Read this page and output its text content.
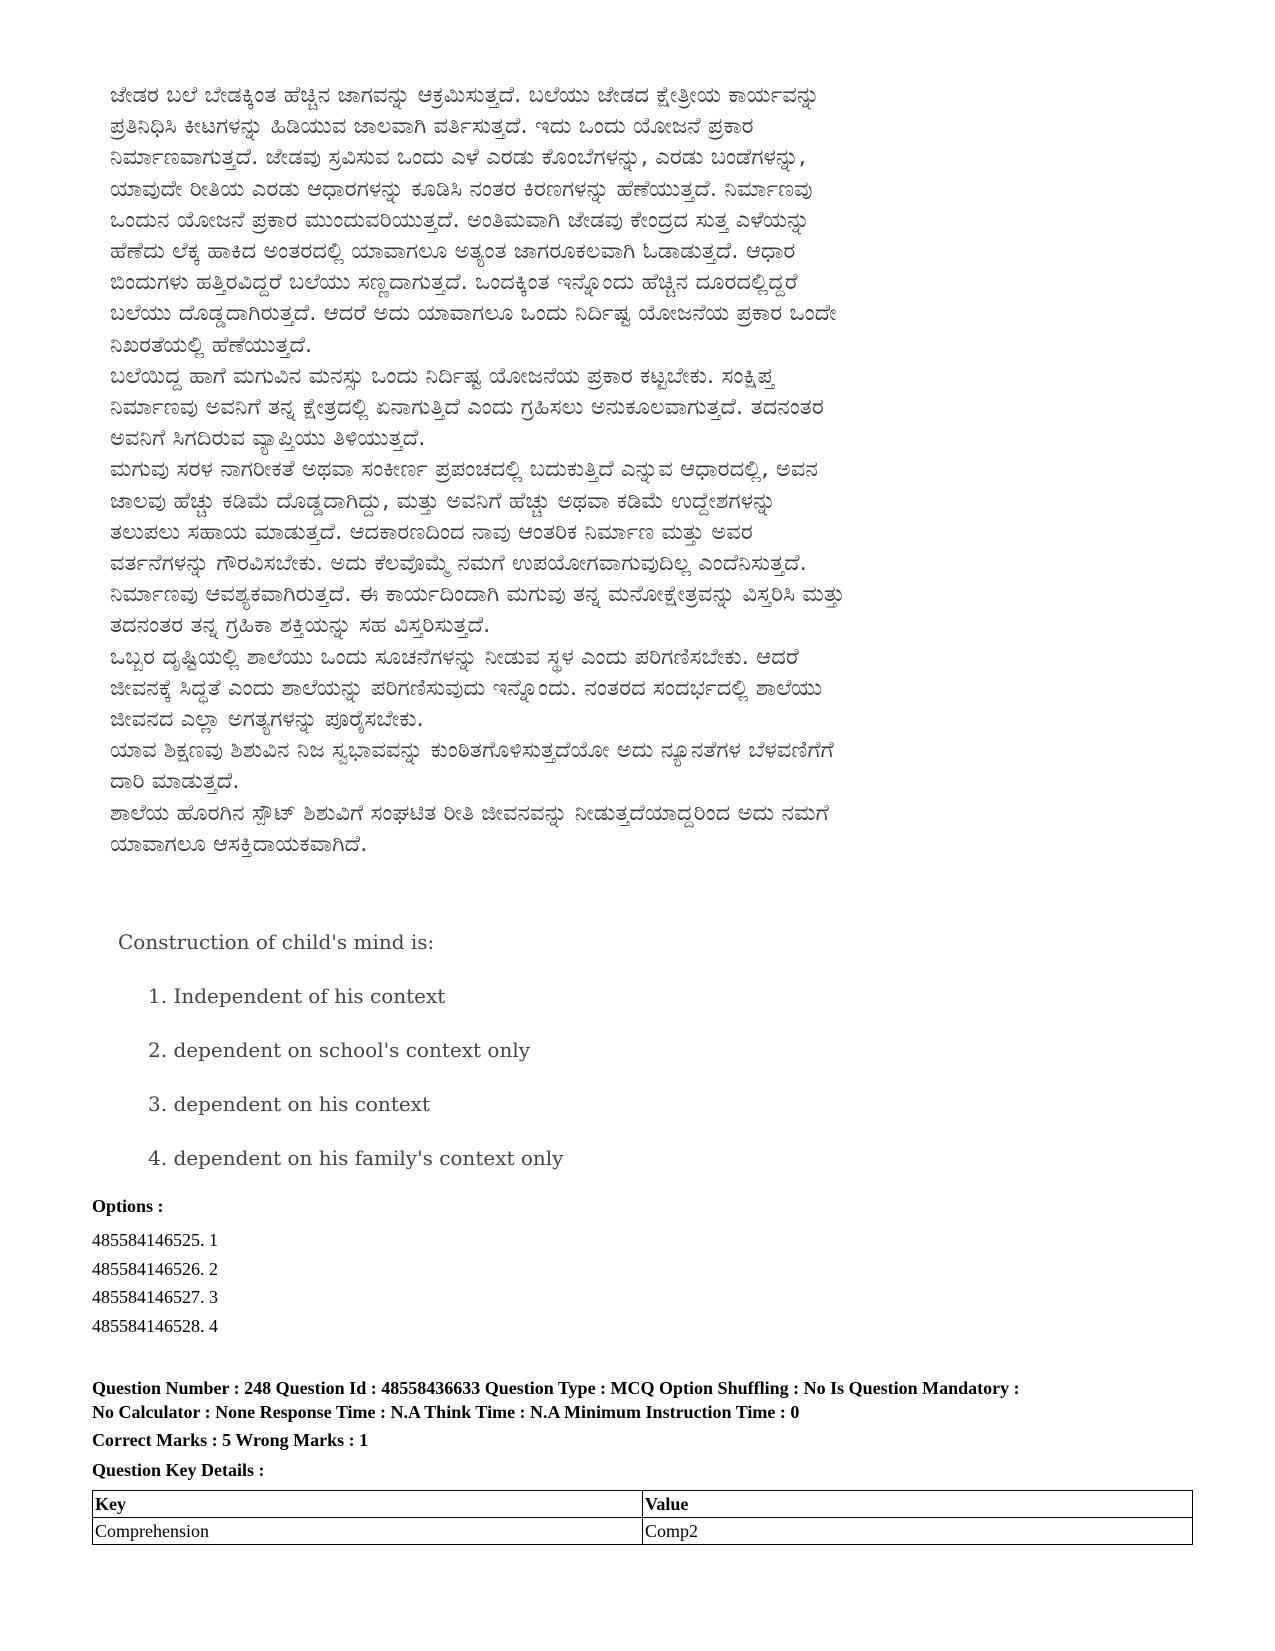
ಜೇಡರ ಬಲೆ ಬೇಡಕ್ಕಿಂತ ಹೆಚ್ಚಿನ ಜಾಗವನ್ನು ಆಕ್ರಮಿಸುತ್ತದೆ. ಬಲೆಯು ಜೇಡದ ಕ್ಷೇತ್ರೀಯ ಕಾರ್ಯವನ್ನು

ಪ್ರತಿನಿಧಿಸಿ ಕೀಟಗಳನ್ನು ಹಿಡಿಯುವ ಜಾಲವಾಗಿ ವರ್ತಿಸುತ್ತದೆ. ಇದು ಒಂದು ಯೋಜನೆ ಪ್ರಕಾರ

ನಿರ್ಮಾಣವಾಗುತ್ತದೆ. ಜೇಡವು ಸ್ರವಿಸುವ ಒಂದು ಎಳೆ ಎರಡು ಕೊಂಬೆಗಳನ್ನು, ಎರಡು ಬಂಡೆಗಳನ್ನು,

ಯಾವುದೇ ರೀತಿಯ ಎರಡು ಆಧಾರಗಳನ್ನು ಕೂಡಿಸಿ ನಂತರ ಕಿರಣಗಳನ್ನು ಹೆಣೆಯುತ್ತದೆ. ನಿರ್ಮಾಣವು

ಒಂದುನ ಯೋಜನೆ ಪ್ರಕಾರ ಮುಂದುವರಿಯುತ್ತದೆ. ಅಂತಿಮವಾಗಿ ಜೇಡವು ಕೇಂದ್ರದ ಸುತ್ತ ಎಳೆಯನ್ನು

ಹೆಣೆದು ಲೆಕ್ಕ ಹಾಕಿದ ಅಂತರದಲ್ಲಿ ಯಾವಾಗಲೂ ಅತ್ಯಂತ ಜಾಗರೂಕಲವಾಗಿ ಓಡಾಡುತ್ತದೆ. ಆಧಾರ

ಬಿಂದುಗಳು ಹತ್ತಿರವಿದ್ದರೆ ಬಲೆಯು ಸಣ್ಣದಾಗುತ್ತದೆ. ಒಂದಕ್ಕಿಂತ ಇನ್ನೊಂದು ಹೆಚ್ಚಿನ ದೂರದಲ್ಲಿದ್ದರೆ

ಬಲೆಯು ದೊಡ್ಡದಾಗಿರುತ್ತದೆ. ಆದರೆ ಅದು ಯಾವಾಗಲೂ ಒಂದು ನಿರ್ದಿಷ್ಟ ಯೋಜನೆಯ ಪ್ರಕಾರ ಒಂದೇ

ನಿಖರತೆಯಲ್ಲಿ ಹೆಣೆಯುತ್ತದೆ.

ಬಲೆಯಿದ್ದ ಹಾಗೆ ಮಗುವಿನ ಮನಸ್ಸು ಒಂದು ನಿರ್ದಿಷ್ಟ ಯೋಜನೆಯ ಪ್ರಕಾರ ಕಟ್ಟಬೇಕು. ಸಂಕ್ಷಿಪ್ತ

ನಿರ್ಮಾಣವು ಅವನಿಗೆ ತನ್ನ ಕ್ಷೇತ್ರದಲ್ಲಿ ಏನಾಗುತ್ತಿದೆ ಎಂದು ಗ್ರಹಿಸಲು ಅನುಕೂಲವಾಗುತ್ತದೆ. ತದನಂತರ

ಅವನಿಗೆ ಸಿಗದಿರುವ ವ್ಯಾಪ್ತಿಯು ತಿಳಿಯುತ್ತದೆ.

ಮಗುವು ಸರಳ ನಾಗರೀಕತೆ ಅಥವಾ ಸಂಕೀರ್ಣ ಪ್ರಪಂಚದಲ್ಲಿ ಬದುಕುತ್ತಿದೆ ಎನ್ನುವ ಆಧಾರದಲ್ಲಿ, ಅವನ

ಜಾಲವು ಹೆಚ್ಚು ಕಡಿಮೆ ದೊಡ್ಡದಾಗಿದ್ದು, ಮತ್ತು ಅವನಿಗೆ ಹೆಚ್ಚು ಅಥವಾ ಕಡಿಮೆ ಉದ್ದೇಶಗಳನ್ನು

ತಲುಪಲು ಸಹಾಯ ಮಾಡುತ್ತದೆ. ಆದಕಾರಣದಿಂದ ನಾವು ಆಂತರಿಕ ನಿರ್ಮಾಣ ಮತ್ತು ಅವರ

ವರ್ತನೆಗಳನ್ನು ಗೌರವಿಸಬೇಕು. ಅದು ಕೆಲವೊಮ್ಮೆ ನಮಗೆ ಉಪಯೋಗವಾಗುವುದಿಲ್ಲ ಎಂದೆನಿಸುತ್ತದೆ.

ನಿರ್ಮಾಣವು ಆವಶ್ಯಕವಾಗಿರುತ್ತದೆ. ಈ ಕಾರ್ಯದಿಂದಾಗಿ ಮಗುವು ತನ್ನ ಮನೋಕ್ಷೇತ್ರವನ್ನು ವಿಸ್ತರಿಸಿ ಮತ್ತು

ತದನಂತರ ತನ್ನ ಗ್ರಹಿಕಾ ಶಕ್ತಿಯನ್ನು ಸಹ ವಿಸ್ತರಿಸುತ್ತದೆ.

ಒಬ್ಬರ ದೃಷ್ಟಿಯಲ್ಲಿ ಶಾಲೆಯು ಒಂದು ಸೂಚನೆಗಳನ್ನು ನೀಡುವ ಸ್ಥಳ ಎಂದು ಪರಿಗಣಿಸಬೇಕು. ಆದರೆ

ಜೀವನಕ್ಕೆ ಸಿದ್ಧತೆ ಎಂದು ಶಾಲೆಯನ್ನು ಪರಿಗಣಿಸುವುದು ಇನ್ನೊಂದು. ನಂತರದ ಸಂದರ್ಭದಲ್ಲಿ ಶಾಲೆಯು

ಜೀವನದ ಎಲ್ಲಾ ಅಗತ್ಯಗಳನ್ನು ಪೂರೈಸಬೇಕು.

ಯಾವ ಶಿಕ್ಷಣವು ಶಿಶುವಿನ ನಿಜ ಸ್ವಭಾವವನ್ನು ಕುಂಠಿತಗೊಳಿಸುತ್ತದೆಯೋ ಅದು ನ್ಯೂನತೆಗಳ ಬೆಳವಣಿಗೆಗೆ

ದಾರಿ ಮಾಡುತ್ತದೆ.

ಶಾಲೆಯ ಹೊರಗಿನ ಸ್ಪೌಟ್ ಶಿಶುವಿಗೆ ಸಂಘಟಿತ ರೀತಿ ಜೀವನವನ್ನು ನೀಡುತ್ತದೆಯಾದ್ದರಿಂದ ಅದು ನಮಗೆ

ಯಾವಾಗಲೂ ಆಸಕ್ತಿದಾಯಕವಾಗಿದೆ.

Construction of child's mind is:

1. Independent of his context

2. dependent on school's context only

3. dependent on his context

4. dependent on his family's context only

Options :
485584146525. 1
485584146526. 2
485584146527. 3
485584146528. 4
Question Number : 248 Question Id : 48558436633 Question Type : MCQ Option Shuffling : No Is Question Mandatory :
No Calculator : None Response Time : N.A Think Time : N.A Minimum Instruction Time : 0
Correct Marks : 5 Wrong Marks : 1
Question Key Details :
Key	Value
Comprehension	Comp2
